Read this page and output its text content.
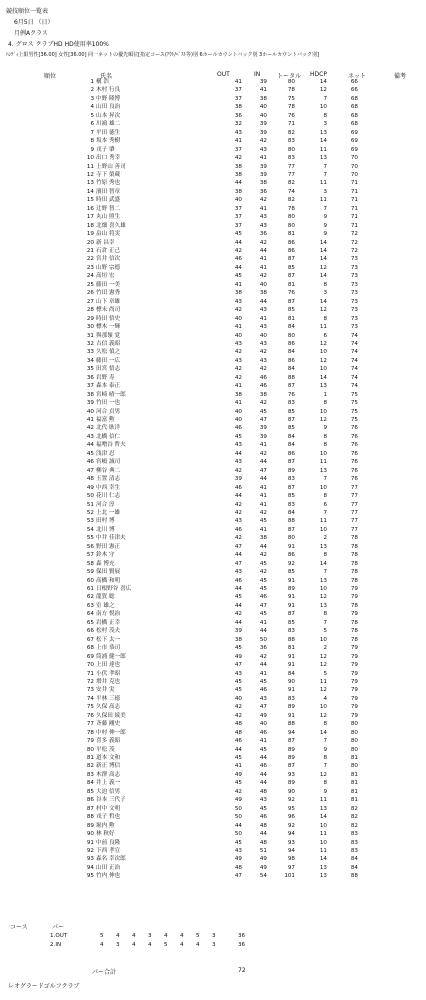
競技順位一覧表
6月5日 （日）
月例Aクラス
4. グロス クラブHD HD使用率100%
ﾊﾝﾃﾞｨ上限男性[36.00] 女性[36.00] 同一ネットの優先順位[指定コース(ｱｳﾄ/ﾍﾞｽﾄ等)別 6ホールカウントバック別 3ホールカウントバック別]
順位	氏名	OUT	IN	トータル HDCP	ネット	備考
1 構 浩	41	39	80	14	66
2 木村 行良	37	41	78	12	66
3 中野 隆博	37	38	75	7	68
4 山田 良治	38	40	78	10	68
5 山本 昇次	36	40	76	8	68
6 川鴻 雄二	32	39	71	3	68
7 平田 徳生	43	39	82	13	69
8 坂本 秀樹	41	42	83	14	69
9 戎子 肇	37	43	80	11	69
10 出口 秀幸	42	41	83	13	70
11 上野山 善司	38	39	77	7	70
12 寺下 榮蔵	38	39	77	7	70
13 竹原 秀也	44	38	82	11	71
14 濱田 智章	38	36	74	3	71
15 時田 武盛	40	42	82	11	71
16 辻野 智二	37	41	78	7	71
17 丸山 照生	37	43	80	9	71
18 北畑 喜久雄	37	43	80	9	71
19 畠山 将実	45	36	81	9	72
20 新 昌幸	44	42	86	14	72
21 石倉 正己	42	44	86	14	72
22 宮井 信次	46	41	87	14	73
23 山野 宗德	44	41	85	12	73
24 高垣 宏	45	42	87	14	73
25 藤田 一美	41	40	81	8	73
26 竹田 憲秀	38	38	76	3	73
27 山下 章雄	43	44	87	14	73
28 標末 尚司	42	43	85	12	73
29 時田 悟史	40	41	81	8	73
30 標木 一輝	41	43	84	11	73
31 與那嶺 覚	40	40	80	6	74
32 吉信 義昭	43	43	86	12	74
33 久松 偵之	42	42	84	10	74
34 藤田 一広	43	43	86	12	74
35 田宮 悟志	42	42	84	10	74
36 岩野 寿	42	46	88	14	74
37 森本 泰正	41	46	87	13	74
38 宮崎 晴一郎	38	38	76	1	75
39 竹田 一也	41	42	83	8	75
40 河合 貞男	40	45	85	10	75
41 福富 勲	40	47	87	12	75
42 北代 耿洋	46	39	85	9	76
43 北橋 信仁	45	39	84	8	76
44 福噌谷 哲夫	43	41	84	8	76
45 浅津 忍	44	42	86	10	76
46 宮嶋 誠司	43	44	87	11	76
47 柳谷 典二	42	47	89	13	76
48 玉置 清志	39	44	83	7	76
49 中西 幸生	46	41	87	10	77
50 花川 仁志	44	41	85	8	77
51 河合 淳	42	41	83	6	77
52 上北 一雄	42	42	84	7	77
53 田村 博	43	45	88	11	77
54 北川 博	46	41	87	10	77
55 中井 佳津夫	42	38	80	2	78
56 野田 憲正	47	44	91	13	78
57 鈴木 守	44	42	86	8	78
58 森 博充	47	45	92	14	78
59 保田 賢展	43	42	85	7	78
60 高橋 和明	46	45	91	13	78
61 日根野谷 喜広	44	45	89	10	79
62 龍賀 聡	45	46	91	12	79
63 室 雄之	44	47	91	13	78
64 南方 悦治	42	45	87	8	79
65 岩橋 正幸	44	41	85	7	78
66 松村 茂夫	39	44	83	5	78
67 松下 太一	38	50	88	10	78
68 上市 恭司	45	36	81	2	79
69 筒浦 健一郎	49	42	91	12	79
70 上田 達也	47	44	91	12	79
71 小伏 孝昭	43	41	84	5	79
72 増井 克也	45	45	90	11	79
73 安井 実	45	46	91	12	79
74 平林 三徳	40	43	83	4	79
75 久保 高志	42	47	89	10	79
76 久保田 綾美	42	49	91	12	79
77 斉藤 剛史	48	40	88	8	80
78 中村 伸一郎	48	46	94	14	80
79 喜多 義昭	46	41	87	7	80
80 平松 茂	44	45	89	9	80
81 道本 文和	45	44	89	8	81
82 新正 博信	41	46	87	7	80
83 木澤 高志	49	44	93	12	81
84 井上 義一	45	44	89	8	81
85 大迫 信男	42	48	90	9	81
86 谷本 三代子	49	43	92	11	81
87 村中 文明	50	45	95	13	82
88 戎子 哲也	50	46	96	14	82
89 堀内 勲	44	48	92	10	82
90 林 秋好	50	44	94	11	83
91 中前 良隆	45	48	93	10	83
92 下西 孝宣	43	51	94	11	83
93 森名 幸次郎	49	49	98	14	84
94 山田 正治	48	49	97	13	84
95 竹内 伸也	47	54	101	13	88
コース	パー
1.OUT	5 4 4 3 4 4 5 3	36
2.IN	4 3 4 4 5 4 4 3	36
パー合計	72
レオグラードゴルフクラブ
